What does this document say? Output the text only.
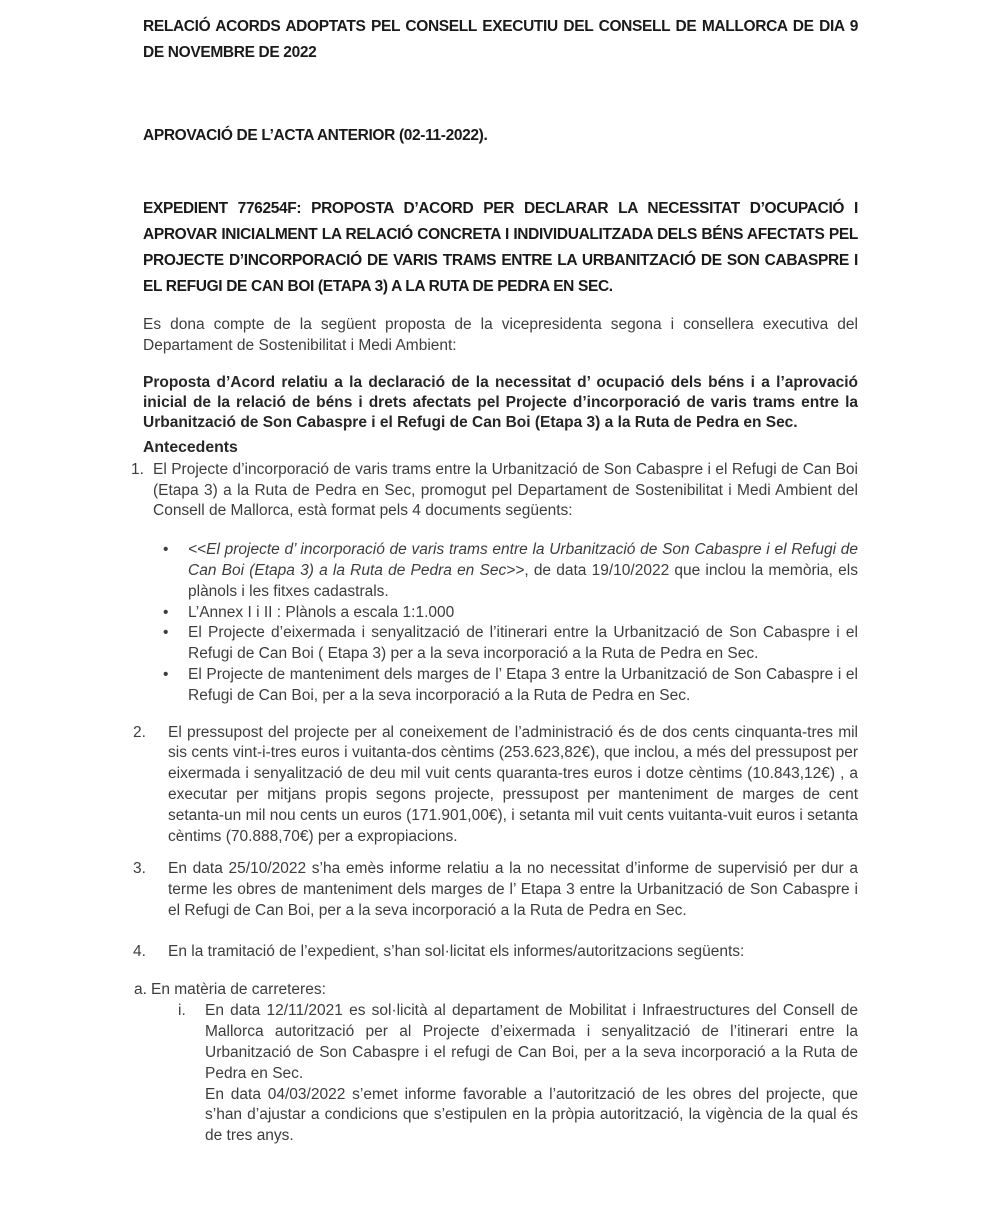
RELACIÓ ACORDS ADOPTATS PEL CONSELL EXECUTIU DEL CONSELL DE MALLORCA DE DIA 9 DE NOVEMBRE DE 2022

APROVACIÓ DE L’ACTA ANTERIOR (02-11-2022).

EXPEDIENT 776254F: PROPOSTA D’ACORD PER DECLARAR LA NECESSITAT D’OCUPACIÓ I APROVAR INICIALMENT LA RELACIÓ CONCRETA I INDIVIDUALITZADA DELS BÉNS AFECTATS PEL PROJECTE D’INCORPORACIÓ DE VARIS TRAMS ENTRE LA URBANITZACIÓ DE SON CABASPRE I EL REFUGI DE CAN BOI (ETAPA 3) A LA RUTA DE PEDRA EN SEC.

Es dona compte de la següent proposta de la vicepresidenta segona i consellera executiva del Departament de Sostenibilitat i Medi Ambient:

Proposta d’Acord relatiu a la declaració de la necessitat d’ ocupació dels béns i a l’aprovació inicial de la relació de béns i drets afectats pel Projecte d’incorporació de varis trams entre la Urbanització de Son Cabaspre i el Refugi de Can Boi (Etapa 3) a la Ruta de Pedra en Sec.

Antecedents

1. El Projecte d’incorporació de varis trams entre la Urbanització de Son Cabaspre i el Refugi de Can Boi (Etapa 3) a la Ruta de Pedra en Sec, promogut pel Departament de Sostenibilitat i Medi Ambient del Consell de Mallorca, està format pels 4 documents següents:
•	<<El projecte d’ incorporació de varis trams entre la Urbanització de Son Cabaspre i el Refugi de Can Boi (Etapa 3) a la Ruta de Pedra en Sec>>, de data 19/10/2022 que inclou la memòria, els plànols i les fitxes cadastrals.
•	L’Annex I i II : Plànols a escala 1:1.000
•	El Projecte d’eixermada i senyalització de l’itinerari entre la Urbanització de Son Cabaspre i el Refugi de Can Boi ( Etapa 3) per a la seva incorporació a la Ruta de Pedra en Sec.
•	El Projecte de manteniment dels marges de l’ Etapa 3 entre la Urbanització de Son Cabaspre i el Refugi de Can Boi, per a la seva incorporació a la Ruta de Pedra en Sec.
2.	El pressupost del projecte per al coneixement de l’administració és de dos cents cinquanta-tres mil sis cents vint-i-tres euros i vuitanta-dos cèntims (253.623,82€), que inclou, a més del pressupost per eixermada i senyalització de deu mil vuit cents quaranta-tres euros i dotze cèntims (10.843,12€) , a executar per mitjans propis segons projecte, pressupost per manteniment de marges de cent setanta-un mil nou cents un euros (171.901,00€), i setanta mil vuit cents vuitanta-vuit euros i setanta cèntims (70.888,70€) per a expropiacions.
3.	En data 25/10/2022 s’ha emès informe relatiu a la no necessitat d’informe de supervisió per dur a terme les obres de manteniment dels marges de l’ Etapa 3 entre la Urbanització de Son Cabaspre i el Refugi de Can Boi, per a la seva incorporació a la Ruta de Pedra en Sec.
4.	En la tramitació de l’expedient, s’han sol·licitat els informes/autoritzacions següents:
a. En matèria de carreteres:
i.	En data 12/11/2021 es sol·licità al departament de Mobilitat i Infraestructures del Consell de Mallorca autorització per al Projecte d’eixermada i senyalització de l’itinerari entre la Urbanització de Son Cabaspre i el refugi de Can Boi, per a la seva incorporació a la Ruta de Pedra en Sec.

En data 04/03/2022 s’emet informe favorable a l’autorització de les obres del projecte, que s’han d’ajustar a condicions que s’estipulen en la pròpia autorització, la vigència de la qual és de tres anys.
